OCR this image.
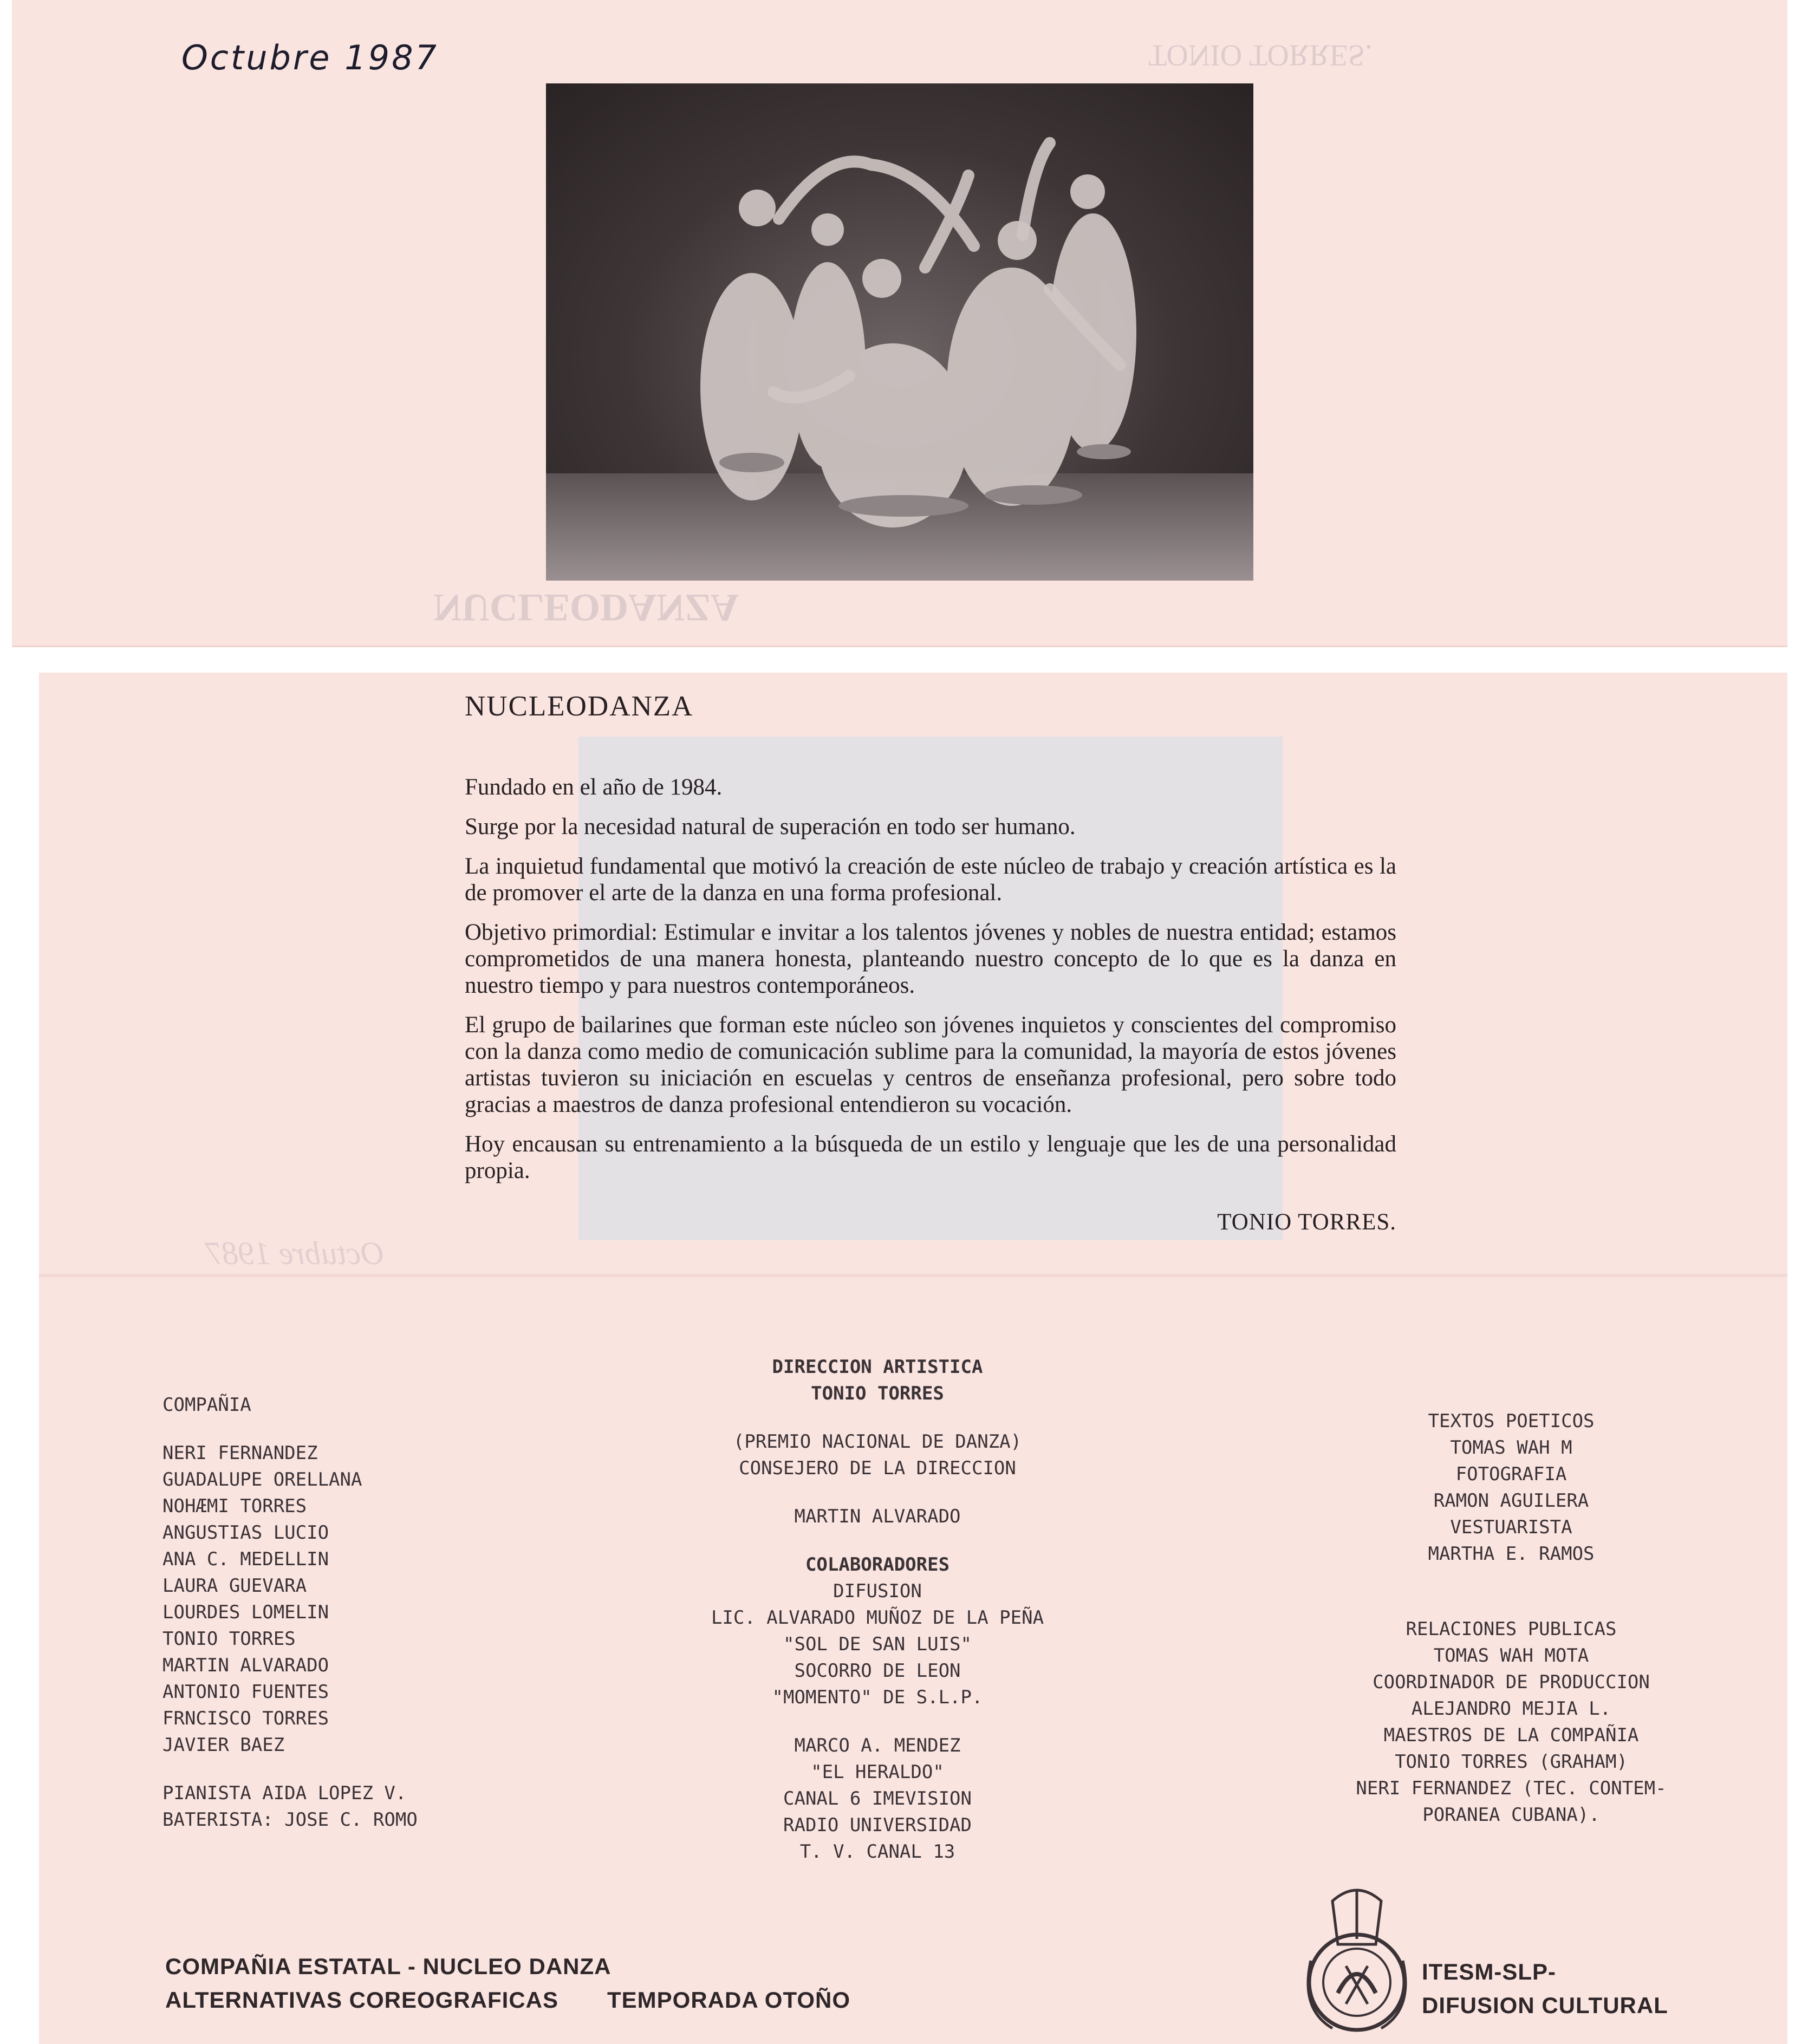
NUCLEODANZA
TONIO TORRES.
Octubre 1987
Octubre 1987
NUCLEODANZA

Fundado en el año de 1984.

Surge por la necesidad natural de superación en todo ser humano.

La inquietud fundamental que motivó la creación de este núcleo de trabajo y creación artística es la de promover el arte de la danza en una forma profesional.

Objetivo primordial: Estimular e invitar a los talentos jóvenes y nobles de nuestra entidad; estamos comprometidos de una manera honesta, planteando nuestro concepto de lo que es la danza en nuestro tiempo y para nuestros contemporáneos.

El grupo de bailarines que forman este núcleo son jóvenes inquietos y conscientes del compromiso con la danza como medio de comunicación sublime para la comunidad, la mayoría de estos jóvenes artistas tuvieron su iniciación en escuelas y centros de enseñanza profesional, pero sobre todo gracias a maestros de danza profesional entendieron su vocación.

Hoy encausan su entrenamiento a la búsqueda de un estilo y lenguaje que les de una personalidad propia.

TONIO TORRES.

COMPAÑIA
NERI FERNANDEZ
GUADALUPE ORELLANA
NOHÆMI TORRES
ANGUSTIAS LUCIO
ANA C. MEDELLIN
LAURA GUEVARA
LOURDES LOMELIN
TONIO TORRES
MARTIN ALVARADO
ANTONIO FUENTES
FRNCISCO TORRES
JAVIER BAEZ
PIANISTA AIDA LOPEZ V.
BATERISTA: JOSE C. ROMO
DIRECCION ARTISTICA
TONIO TORRES
(PREMIO NACIONAL DE DANZA)
CONSEJERO DE LA DIRECCION
MARTIN ALVARADO
COLABORADORES
DIFUSION
LIC. ALVARADO MUÑOZ DE LA PEÑA
"SOL DE SAN LUIS"
SOCORRO DE LEON
"MOMENTO" DE S.L.P.
MARCO A. MENDEZ
"EL HERALDO"
CANAL 6 IMEVISION
RADIO UNIVERSIDAD
T. V. CANAL 13
TEXTOS POETICOS
TOMAS WAH M
FOTOGRAFIA
RAMON AGUILERA
VESTUARISTA
MARTHA E. RAMOS
RELACIONES PUBLICAS
TOMAS WAH MOTA
COORDINADOR DE PRODUCCION
ALEJANDRO MEJIA L.
MAESTROS DE LA COMPAÑIA
TONIO TORRES (GRAHAM)
NERI FERNANDEZ (TEC. CONTEM-
PORANEA CUBANA).
COMPAÑIA ESTATAL - NUCLEO DANZA
ALTERNATIVAS COREOGRAFICAS TEMPORADA OTOÑO
ITESM-SLP-
DIFUSION CULTURAL
